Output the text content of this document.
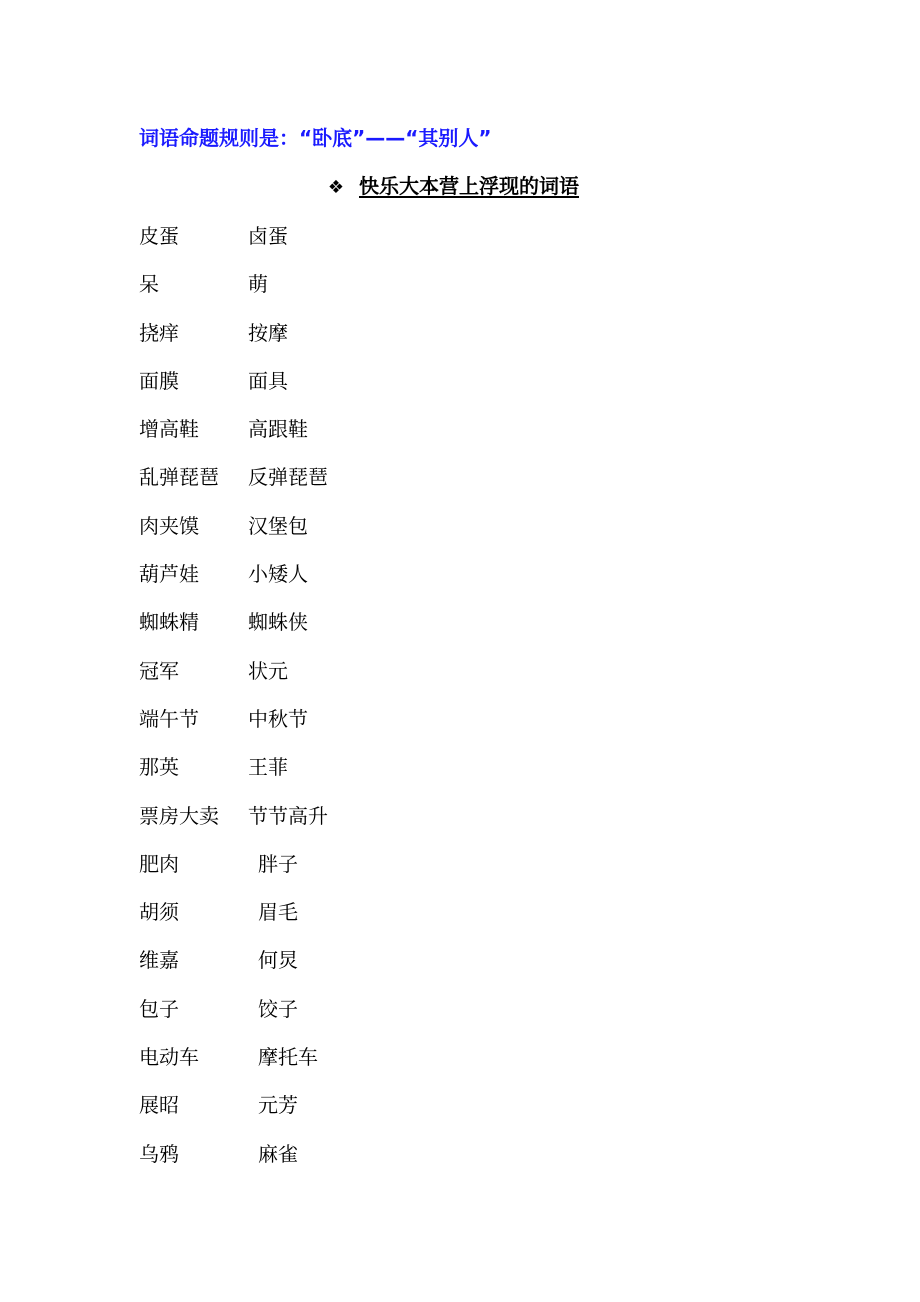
词语命题规则是：“卧底”——“其别人”
❖ 快乐大本营上浮现的词语
皮蛋	卤蛋
呆	萌
挠痒	按摩
面膜	面具
增高鞋 高跟鞋
乱弹琵琶 反弹琵琶
肉夹馍 汉堡包
葫芦娃 小矮人
蜘蛛精 蜘蛛侠
冠军	状元
端午节 中秋节
那英	王菲
票房大卖 节节高升
肥肉	胖子
胡须	眉毛
维嘉	何炅
包子	饺子
电动车	摩托车
展昭	元芳
乌鸦	麻雀
